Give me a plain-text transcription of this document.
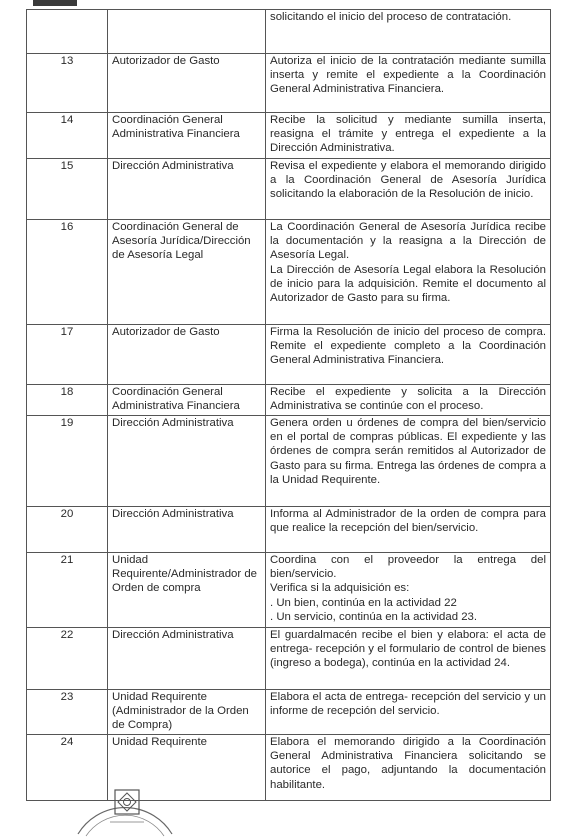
		solicitando el inicio del proceso de contratación.

13	Autorizador de Gasto	Autoriza el inicio de la contratación mediante sumilla inserta y remite el expediente a la Coordinación General Administrativa Financiera.

14	Coordinación General Administrativa Financiera	Recibe la solicitud y mediante sumilla inserta, reasigna el trámite y entrega el expediente a la Dirección Administrativa.

15	Dirección Administrativa	Revisa el expediente y elabora el memorando dirigido a la Coordinación General de Asesoría Jurídica solicitando la elaboración de la Resolución de inicio.

16	Coordinación General de Asesoría Jurídica/Dirección de Asesoría Legal	La Coordinación General de Asesoría Jurídica recibe la documentación y la reasigna a la Dirección de Asesoría Legal.

La Dirección de Asesoría Legal elabora la Resolución de inicio para la adquisición. Remite el documento al Autorizador de Gasto para su firma.

17	Autorizador de Gasto	Firma la Resolución de inicio del proceso de compra. Remite el expediente completo a la Coordinación General Administrativa Financiera.

18	Coordinación General Administrativa Financiera	Recibe el expediente y solicita a la Dirección Administrativa se continúe con el proceso.

19	Dirección Administrativa	Genera orden u órdenes de compra del bien/servicio en el portal de compras públicas. El expediente y las órdenes de compra serán remitidos al Autorizador de Gasto para su firma. Entrega las órdenes de compra a la Unidad Requirente.

20	Dirección Administrativa	Informa al Administrador de la orden de compra para que realice la recepción del bien/servicio.

21	Unidad Requirente/Administrador de Orden de compra	Coordina con el proveedor la entrega del bien/servicio.

Verifica si la adquisición es:

. Un bien, continúa en la actividad 22

. Un servicio, continúa en la actividad 23.

22	Dirección Administrativa	El guardalmacén recibe el bien y elabora: el acta de entrega- recepción y el formulario de control de bienes (ingreso a bodega), continúa en la actividad 24.

23	Unidad Requirente (Administrador de la Orden de Compra)	Elabora el acta de entrega- recepción del servicio y un informe de recepción del servicio.

24	Unidad Requirente	Elabora el memorando dirigido a la Coordinación General Administrativa Financiera solicitando se autorice el pago, adjuntando la documentación habilitante.
